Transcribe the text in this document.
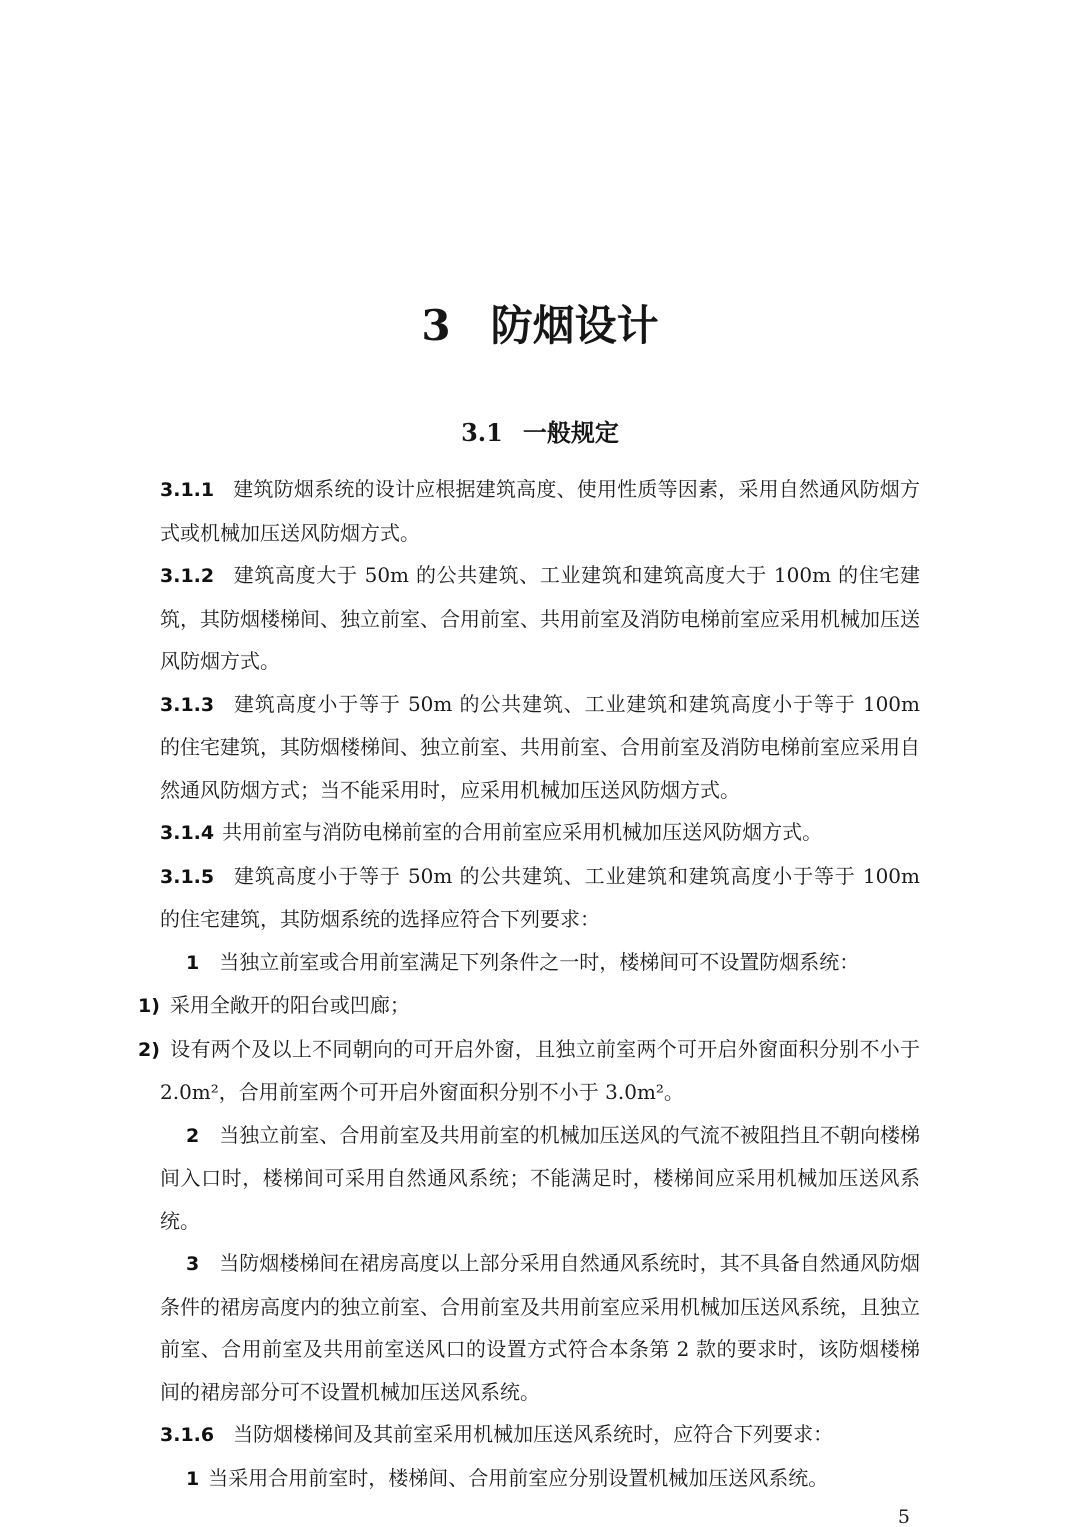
3 防烟设计
3.1 一般规定

3.1.1 建筑防烟系统的设计应根据建筑高度、使用性质等因素，采用自然通风防烟方式或机械加压送风防烟方式。

3.1.2 建筑高度大于 50m 的公共建筑、工业建筑和建筑高度大于 100m 的住宅建筑，其防烟楼梯间、独立前室、合用前室、共用前室及消防电梯前室应采用机械加压送风防烟方式。

3.1.3 建筑高度小于等于 50m 的公共建筑、工业建筑和建筑高度小于等于 100m 的住宅建筑，其防烟楼梯间、独立前室、共用前室、合用前室及消防电梯前室应采用自然通风防烟方式；当不能采用时，应采用机械加压送风防烟方式。

3.1.4 共用前室与消防电梯前室的合用前室应采用机械加压送风防烟方式。

3.1.5 建筑高度小于等于 50m 的公共建筑、工业建筑和建筑高度小于等于 100m 的住宅建筑，其防烟系统的选择应符合下列要求：

1 当独立前室或合用前室满足下列条件之一时，楼梯间可不设置防烟系统：

1) 采用全敞开的阳台或凹廊；

2) 设有两个及以上不同朝向的可开启外窗，且独立前室两个可开启外窗面积分别不小于 2.0m²，合用前室两个可开启外窗面积分别不小于 3.0m²。

2 当独立前室、合用前室及共用前室的机械加压送风的气流不被阻挡且不朝向楼梯间入口时，楼梯间可采用自然通风系统；不能满足时，楼梯间应采用机械加压送风系统。

3 当防烟楼梯间在裙房高度以上部分采用自然通风系统时，其不具备自然通风防烟条件的裙房高度内的独立前室、合用前室及共用前室应采用机械加压送风系统，且独立前室、合用前室及共用前室送风口的设置方式符合本条第 2 款的要求时，该防烟楼梯间的裙房部分可不设置机械加压送风系统。

3.1.6 当防烟楼梯间及其前室采用机械加压送风系统时，应符合下列要求：

1 当采用合用前室时，楼梯间、合用前室应分别设置机械加压送风系统。

5
